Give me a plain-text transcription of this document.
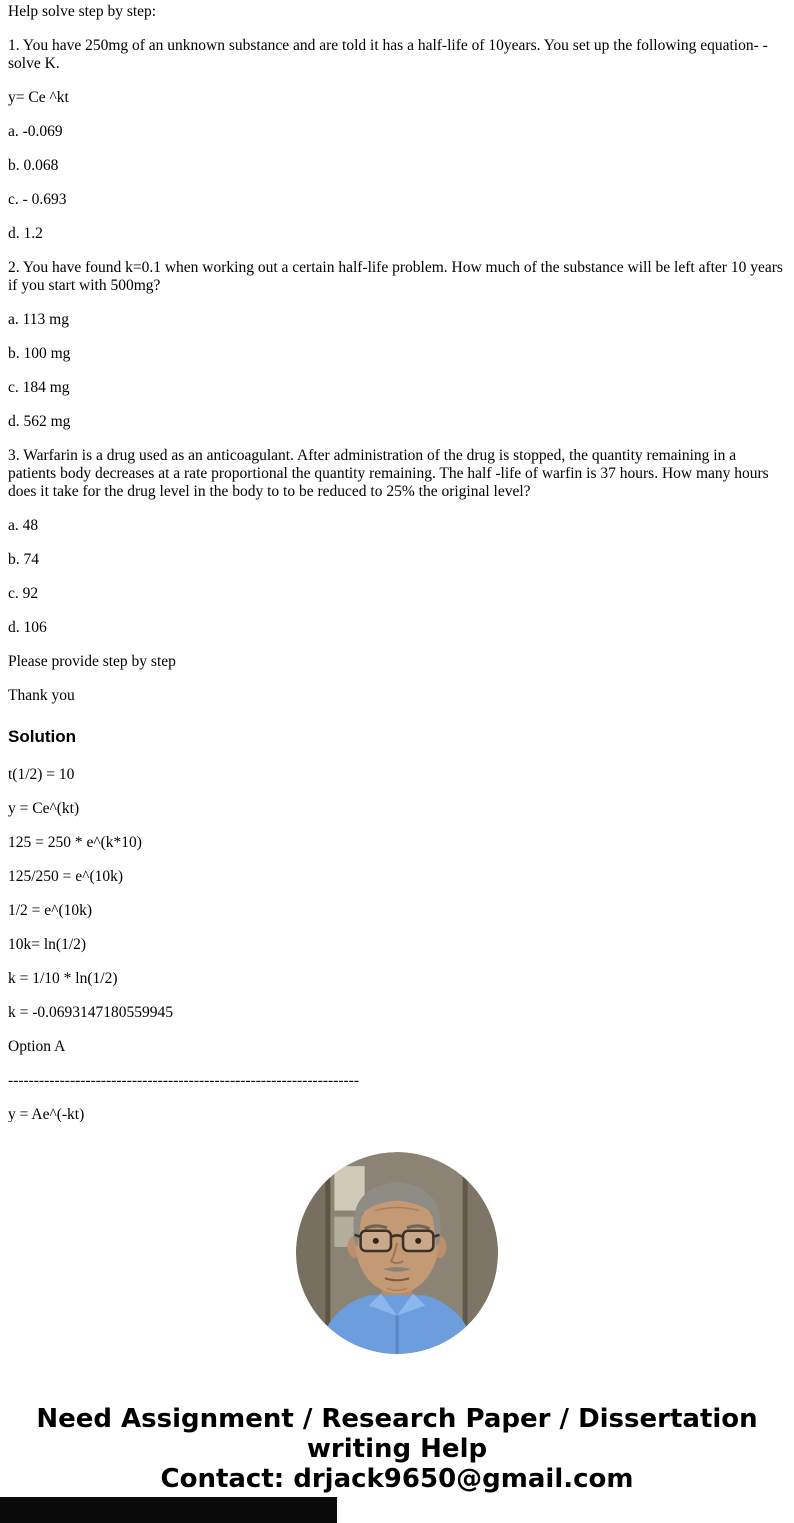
Help solve step by step:

1. You have 250mg of an unknown substance and are told it has a half-life of 10years. You set up the following equation- - solve K.

y= Ce ^kt

a. -0.069

b. 0.068

c. - 0.693

d. 1.2

2. You have found k=0.1 when working out a certain half-life problem. How much of the substance will be left after 10 years if you start with 500mg?

a. 113 mg

b. 100 mg

c. 184 mg

d. 562 mg

3. Warfarin is a drug used as an anticoagulant. After administration of the drug is stopped, the quantity remaining in a patients body decreases at a rate proportional the quantity remaining. The half -life of warfin is 37 hours. How many hours does it take for the drug level in the body to to be reduced to 25% the original level?

a. 48

b. 74

c. 92

d. 106

Please provide step by step

Thank you

Solution

t(1/2) = 10

y = Ce^(kt)

125 = 250 * e^(k*10)

125/250 = e^(10k)

1/2 = e^(10k)

10k= ln(1/2)

k = 1/10 * ln(1/2)

k = -0.0693147180559945

Option A

--------------------------------------------------------------------

y = Ae^(-kt)

Need Assignment / Research Paper / Dissertation writing Help
Contact: drjack9650@gmail.com
